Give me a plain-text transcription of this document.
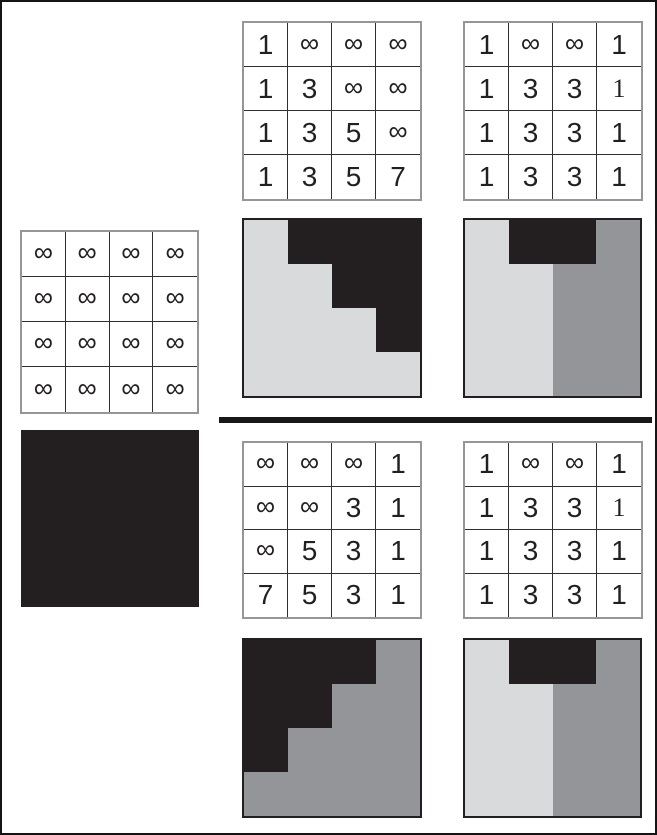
∞ ∞ ∞ ∞
∞ ∞ ∞ ∞
∞ ∞ ∞ ∞
∞ ∞ ∞ ∞
1 ∞ ∞ ∞
1	3 ∞ ∞
1	3	5	∞
1	3	5	7
1 ∞ ∞ 1
1	3	3	1
1	3	3	1
1	3	3	1
∞ ∞ ∞ 1
∞ ∞ 3	1
∞ 5	3	1
7	5	3	1
1 ∞ ∞ 1
1	3	3	1
1	3	3	1
1	3	3	1
